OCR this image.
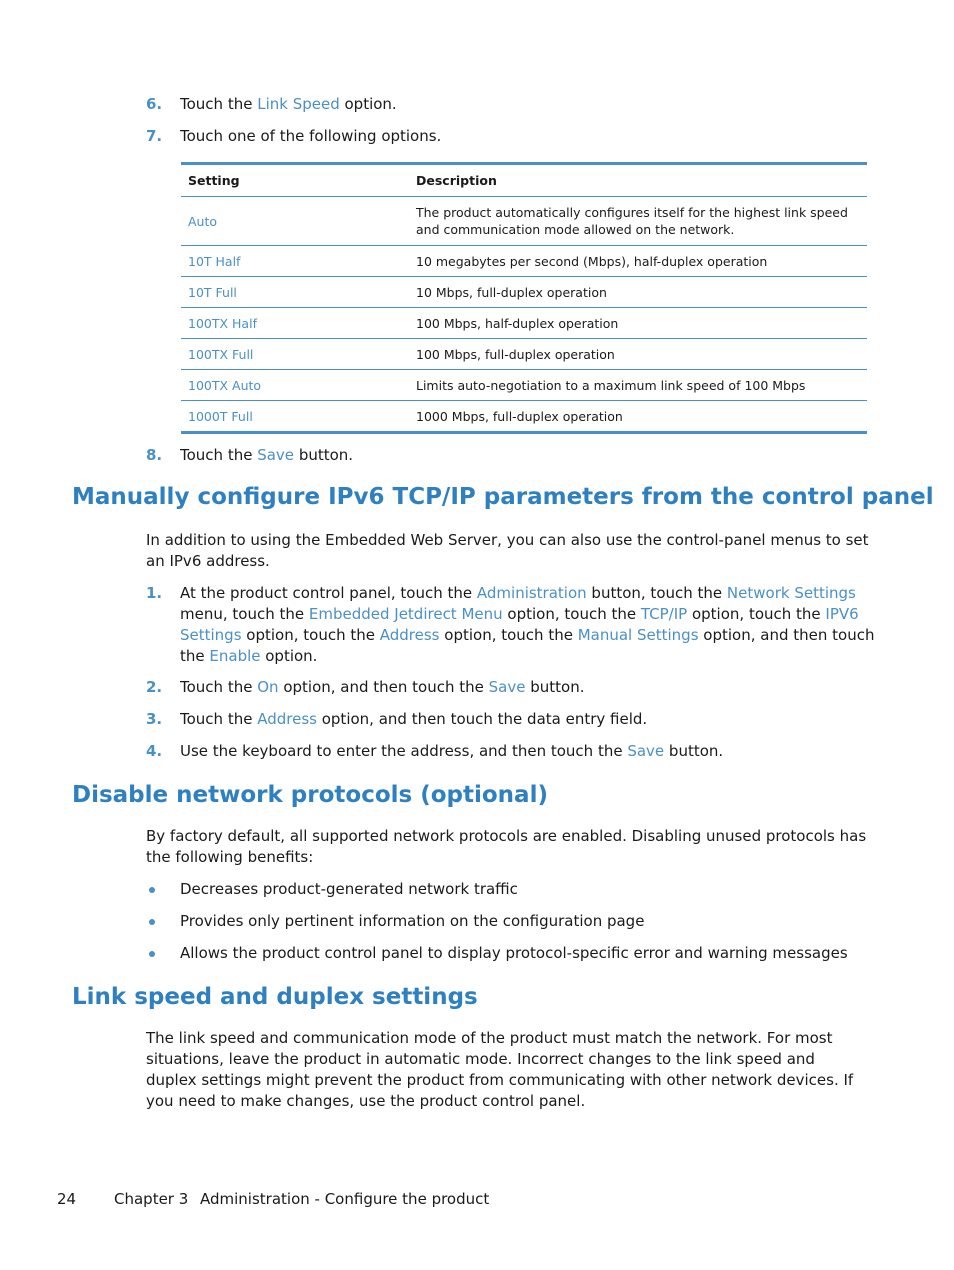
6.	Touch the Link Speed option.
7.	Touch one of the following options.
Setting	Description
Auto	The product automatically configures itself for the highest link speed and communication mode allowed on the network.
10T Half	10 megabytes per second (Mbps), half-duplex operation
10T Full	10 Mbps, full-duplex operation
100TX Half	100 Mbps, half-duplex operation
100TX Full	100 Mbps, full-duplex operation
100TX Auto	Limits auto-negotiation to a maximum link speed of 100 Mbps
1000T Full	1000 Mbps, full-duplex operation
8.	Touch the Save button.
Manually configure IPv6 TCP/IP parameters from the control panel
In addition to using the Embedded Web Server, you can also use the control-panel menus to set an IPv6 address.
1.	At the product control panel, touch the Administration button, touch the Network Settings menu, touch the Embedded Jetdirect Menu option, touch the TCP/IP option, touch the IPV6 Settings option, touch the Address option, touch the Manual Settings option, and then touch the Enable option.
2.	Touch the On option, and then touch the Save button.
3.	Touch the Address option, and then touch the data entry field.
4.	Use the keyboard to enter the address, and then touch the Save button.
Disable network protocols (optional)
By factory default, all supported network protocols are enabled. Disabling unused protocols has the following benefits:
Decreases product-generated network traffic
Provides only pertinent information on the configuration page
Allows the product control panel to display protocol-specific error and warning messages
Link speed and duplex settings
The link speed and communication mode of the product must match the network. For most situations, leave the product in automatic mode. Incorrect changes to the link speed and duplex settings might prevent the product from communicating with other network devices. If you need to make changes, use the product control panel.
24	Chapter 3 Administration - Configure the product
